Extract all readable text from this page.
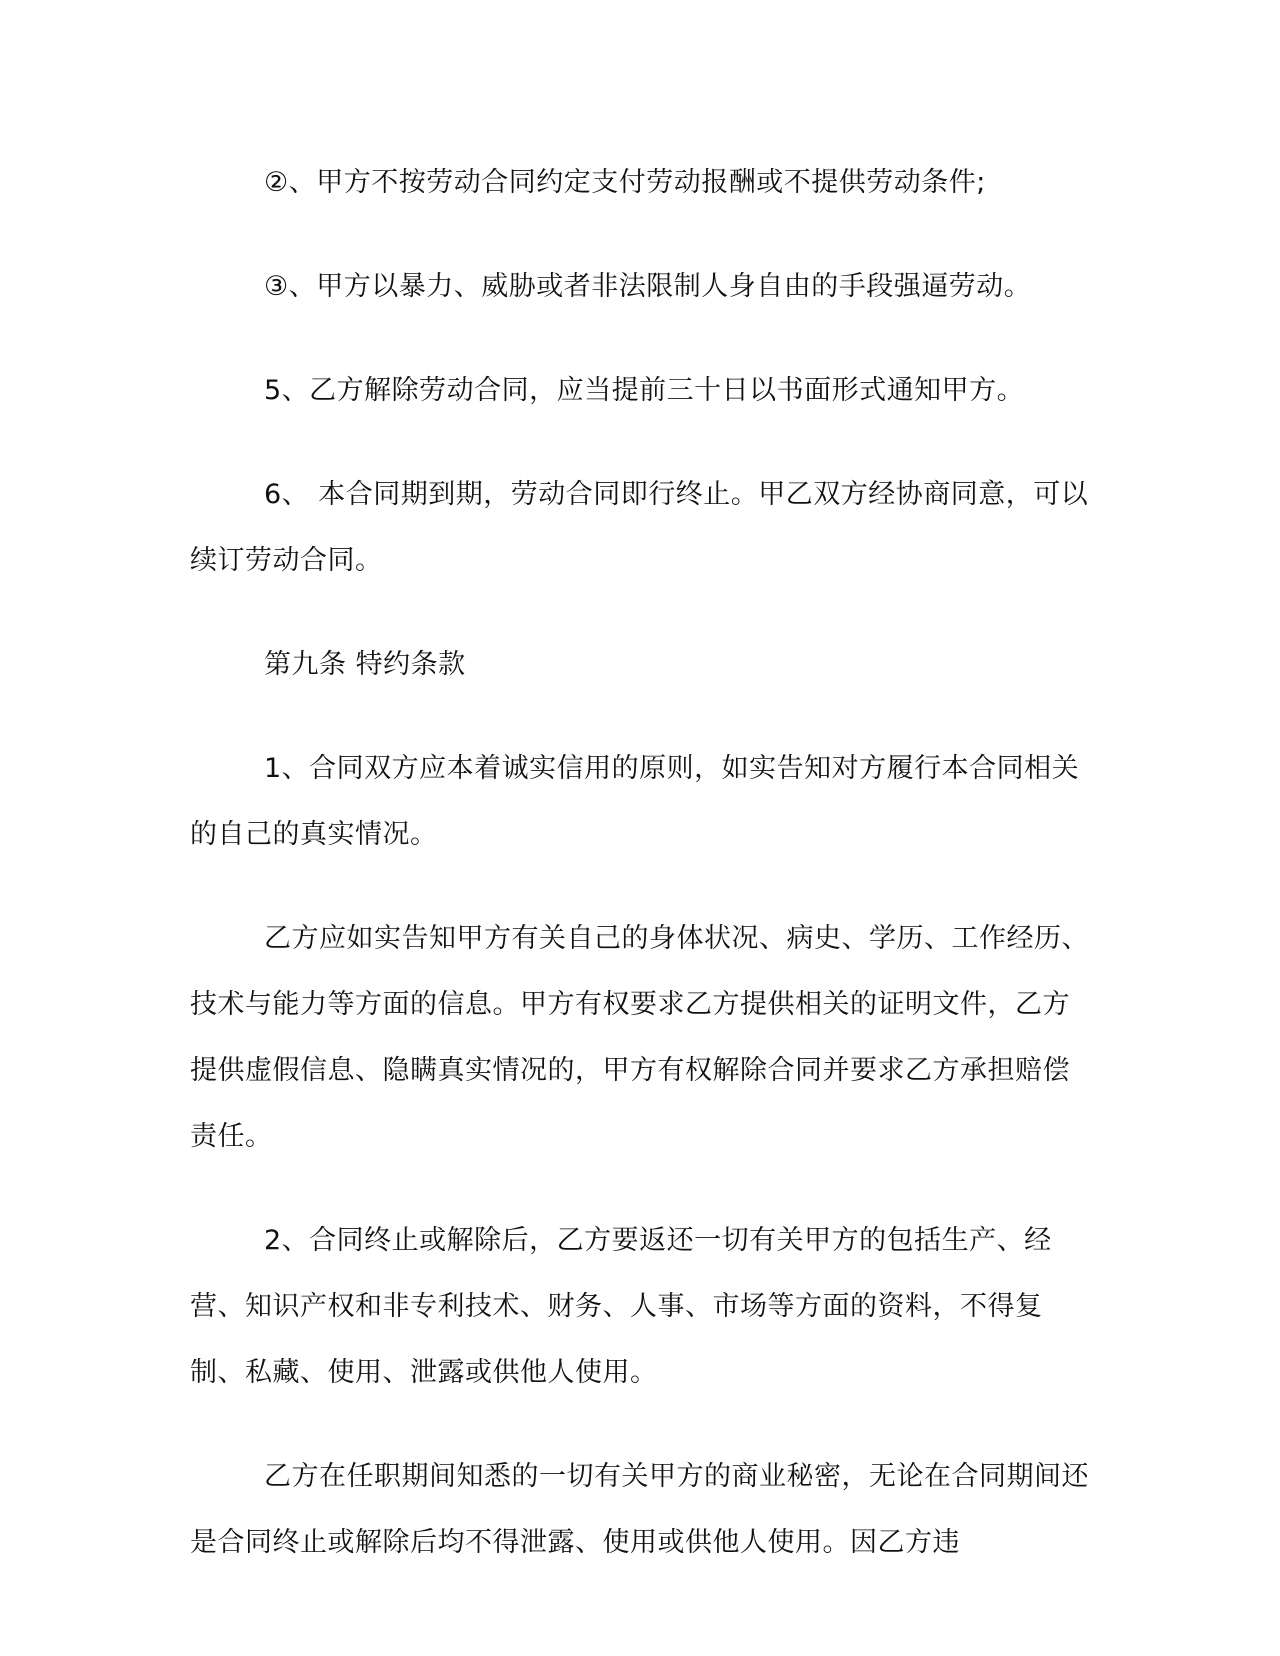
②、甲方不按劳动合同约定支付劳动报酬或不提供劳动条件;

③、甲方以暴力、威胁或者非法限制人身自由的手段强逼劳动。

5、乙方解除劳动合同，应当提前三十日以书面形式通知甲方。

6、 本合同期到期，劳动合同即行终止。甲乙双方经协商同意，可以续订劳动合同。

第九条 特约条款

1、合同双方应本着诚实信用的原则，如实告知对方履行本合同相关的自己的真实情况。

乙方应如实告知甲方有关自己的身体状况、病史、学历、工作经历、技术与能力等方面的信息。甲方有权要求乙方提供相关的证明文件，乙方提供虚假信息、隐瞒真实情况的，甲方有权解除合同并要求乙方承担赔偿责任。

2、合同终止或解除后，乙方要返还一切有关甲方的包括生产、经营、知识产权和非专利技术、财务、人事、市场等方面的资料，不得复制、私藏、使用、泄露或供他人使用。

乙方在任职期间知悉的一切有关甲方的商业秘密，无论在合同期间还是合同终止或解除后均不得泄露、使用或供他人使用。因乙方违
